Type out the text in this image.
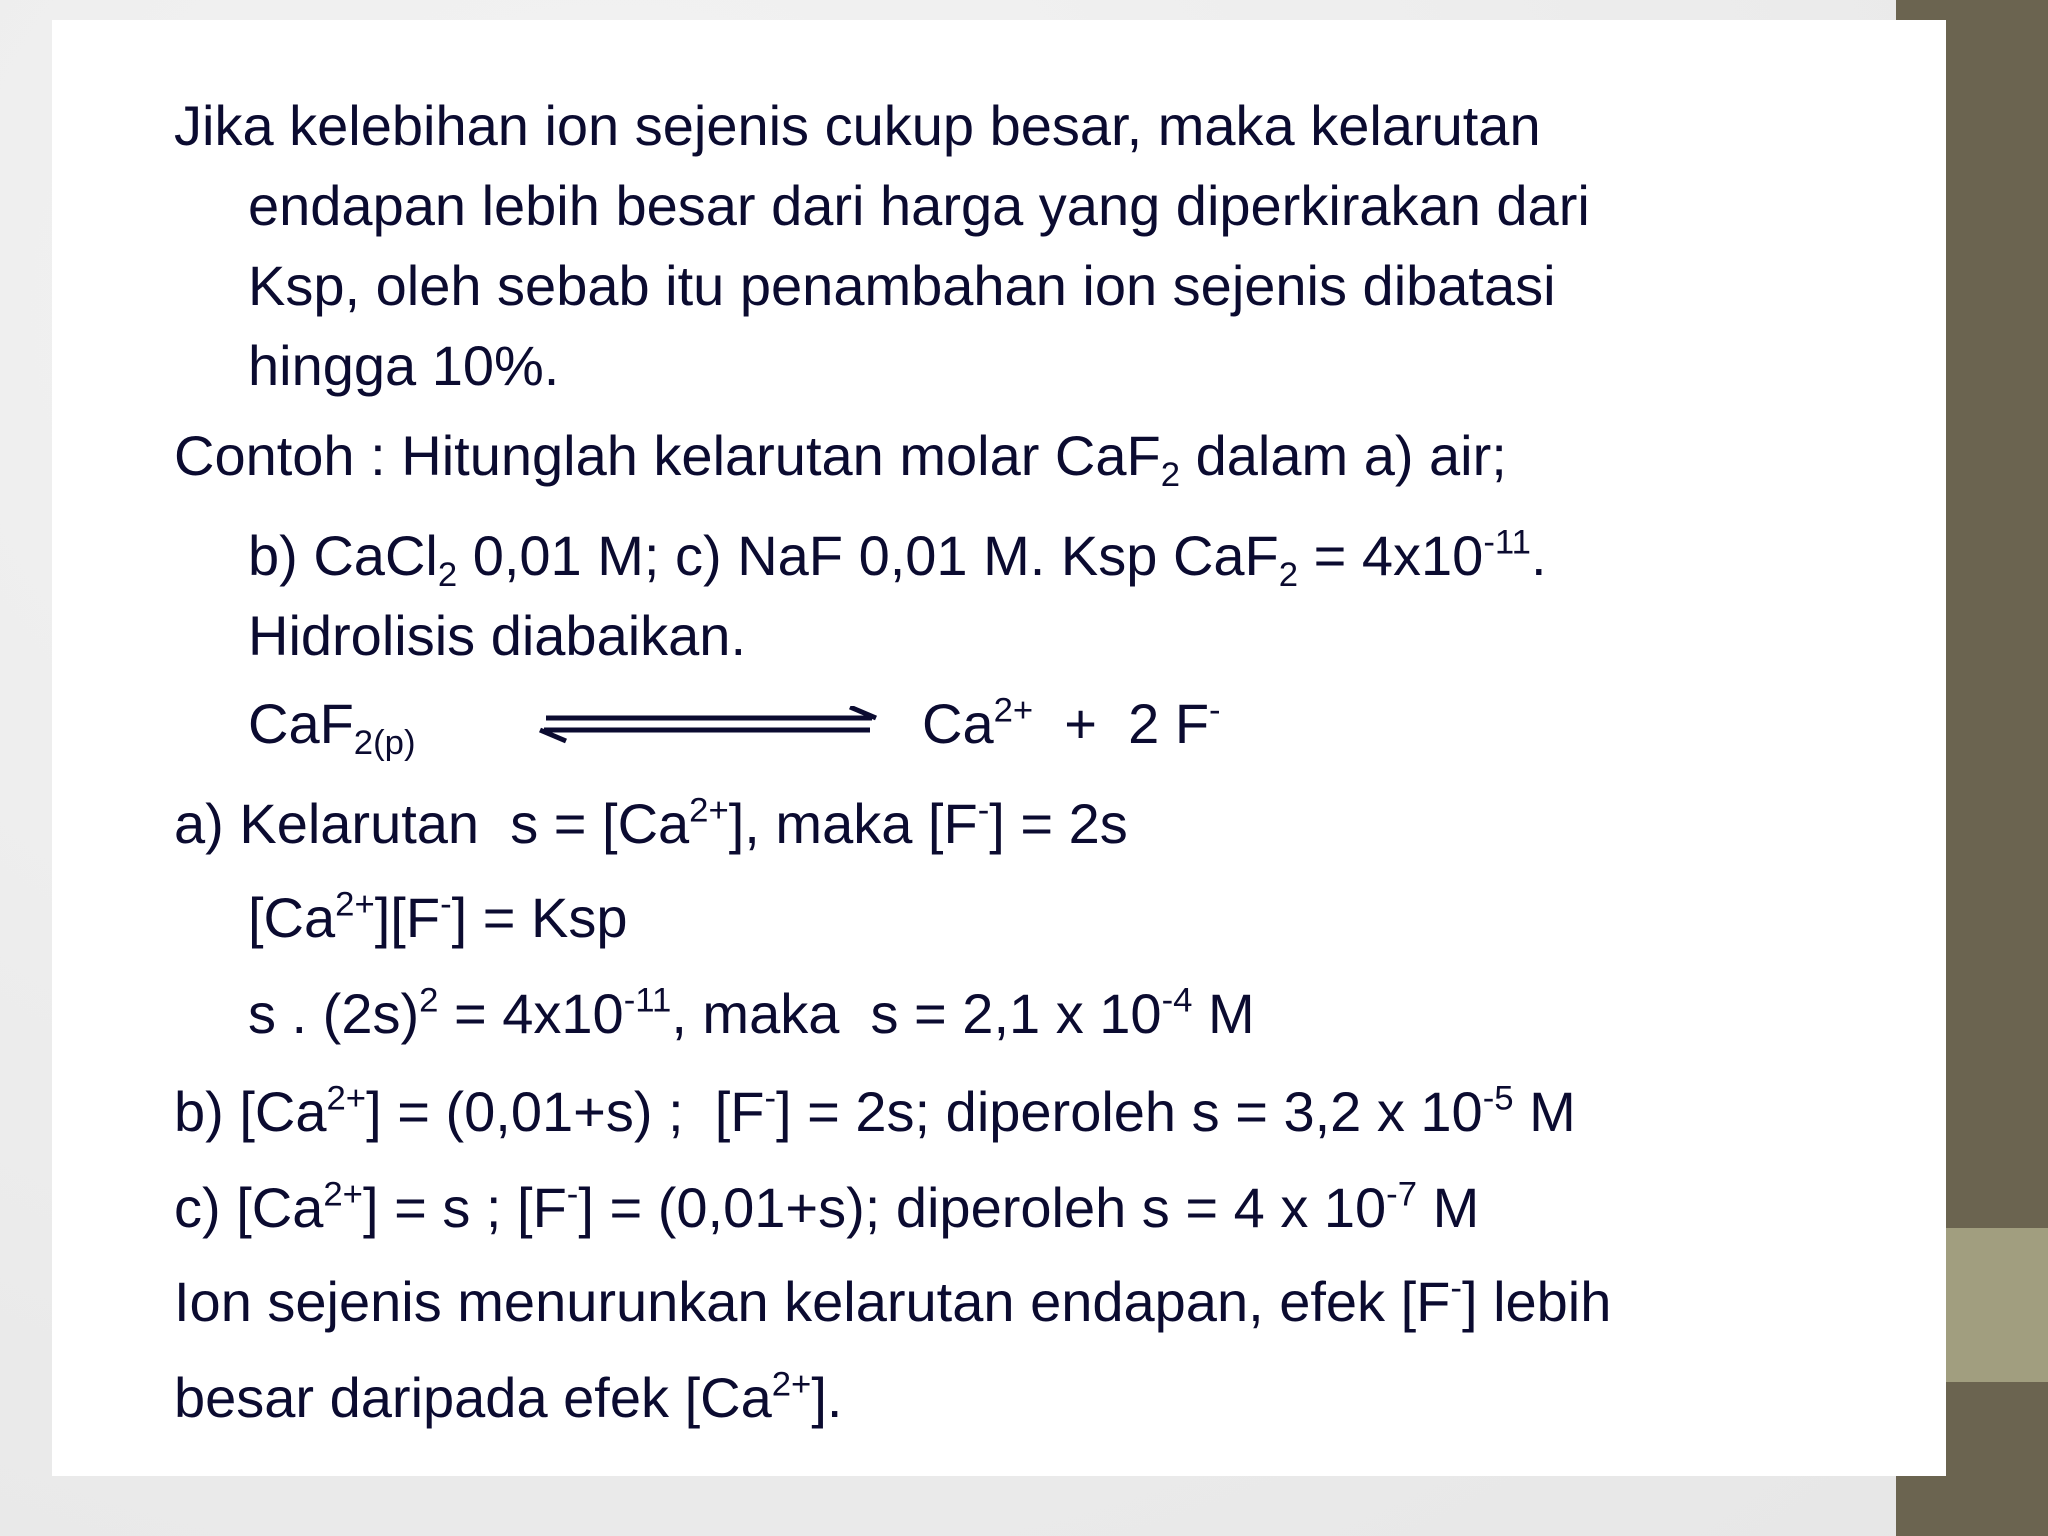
Jika kelebihan ion sejenis cukup besar, maka kelarutan
endapan lebih besar dari harga yang diperkirakan dari
Ksp, oleh sebab itu penambahan ion sejenis dibatasi
hingga 10%.
Contoh : Hitunglah kelarutan molar CaF$_2$ dalam a) air;
b) CaCl$_2$ 0,01 M; c) NaF 0,01 M. Ksp $CaF_2 = 4x10^{-11}$.
Hidrolisis diabaikan.
CaF$_{2(p)}$	$Ca^{2+} + 2$ F-
a) Kelarutan  $s = [Ca^{2+}]$, maka [F-] = 2s
$[Ca^{2+}][F^-]$ = Ksp
s . $(2s)^2 = 4x10^{-11}$, maka  s = 2,1 x $10^{-4}$ M
b) $[Ca^{2+}] = (0,01+s)$ ;  [F-] = 2s; diperoleh s = 3,2 x $10^{-5}$ M
c) $[Ca^{2+}] = s$ ; [F-] = (0,01+s); diperoleh s = 4 x $10^{-7}$ M
Ion sejenis menurunkan kelarutan endapan, efek [F-] lebih
besar daripada efek $[Ca^{2+}]$.
